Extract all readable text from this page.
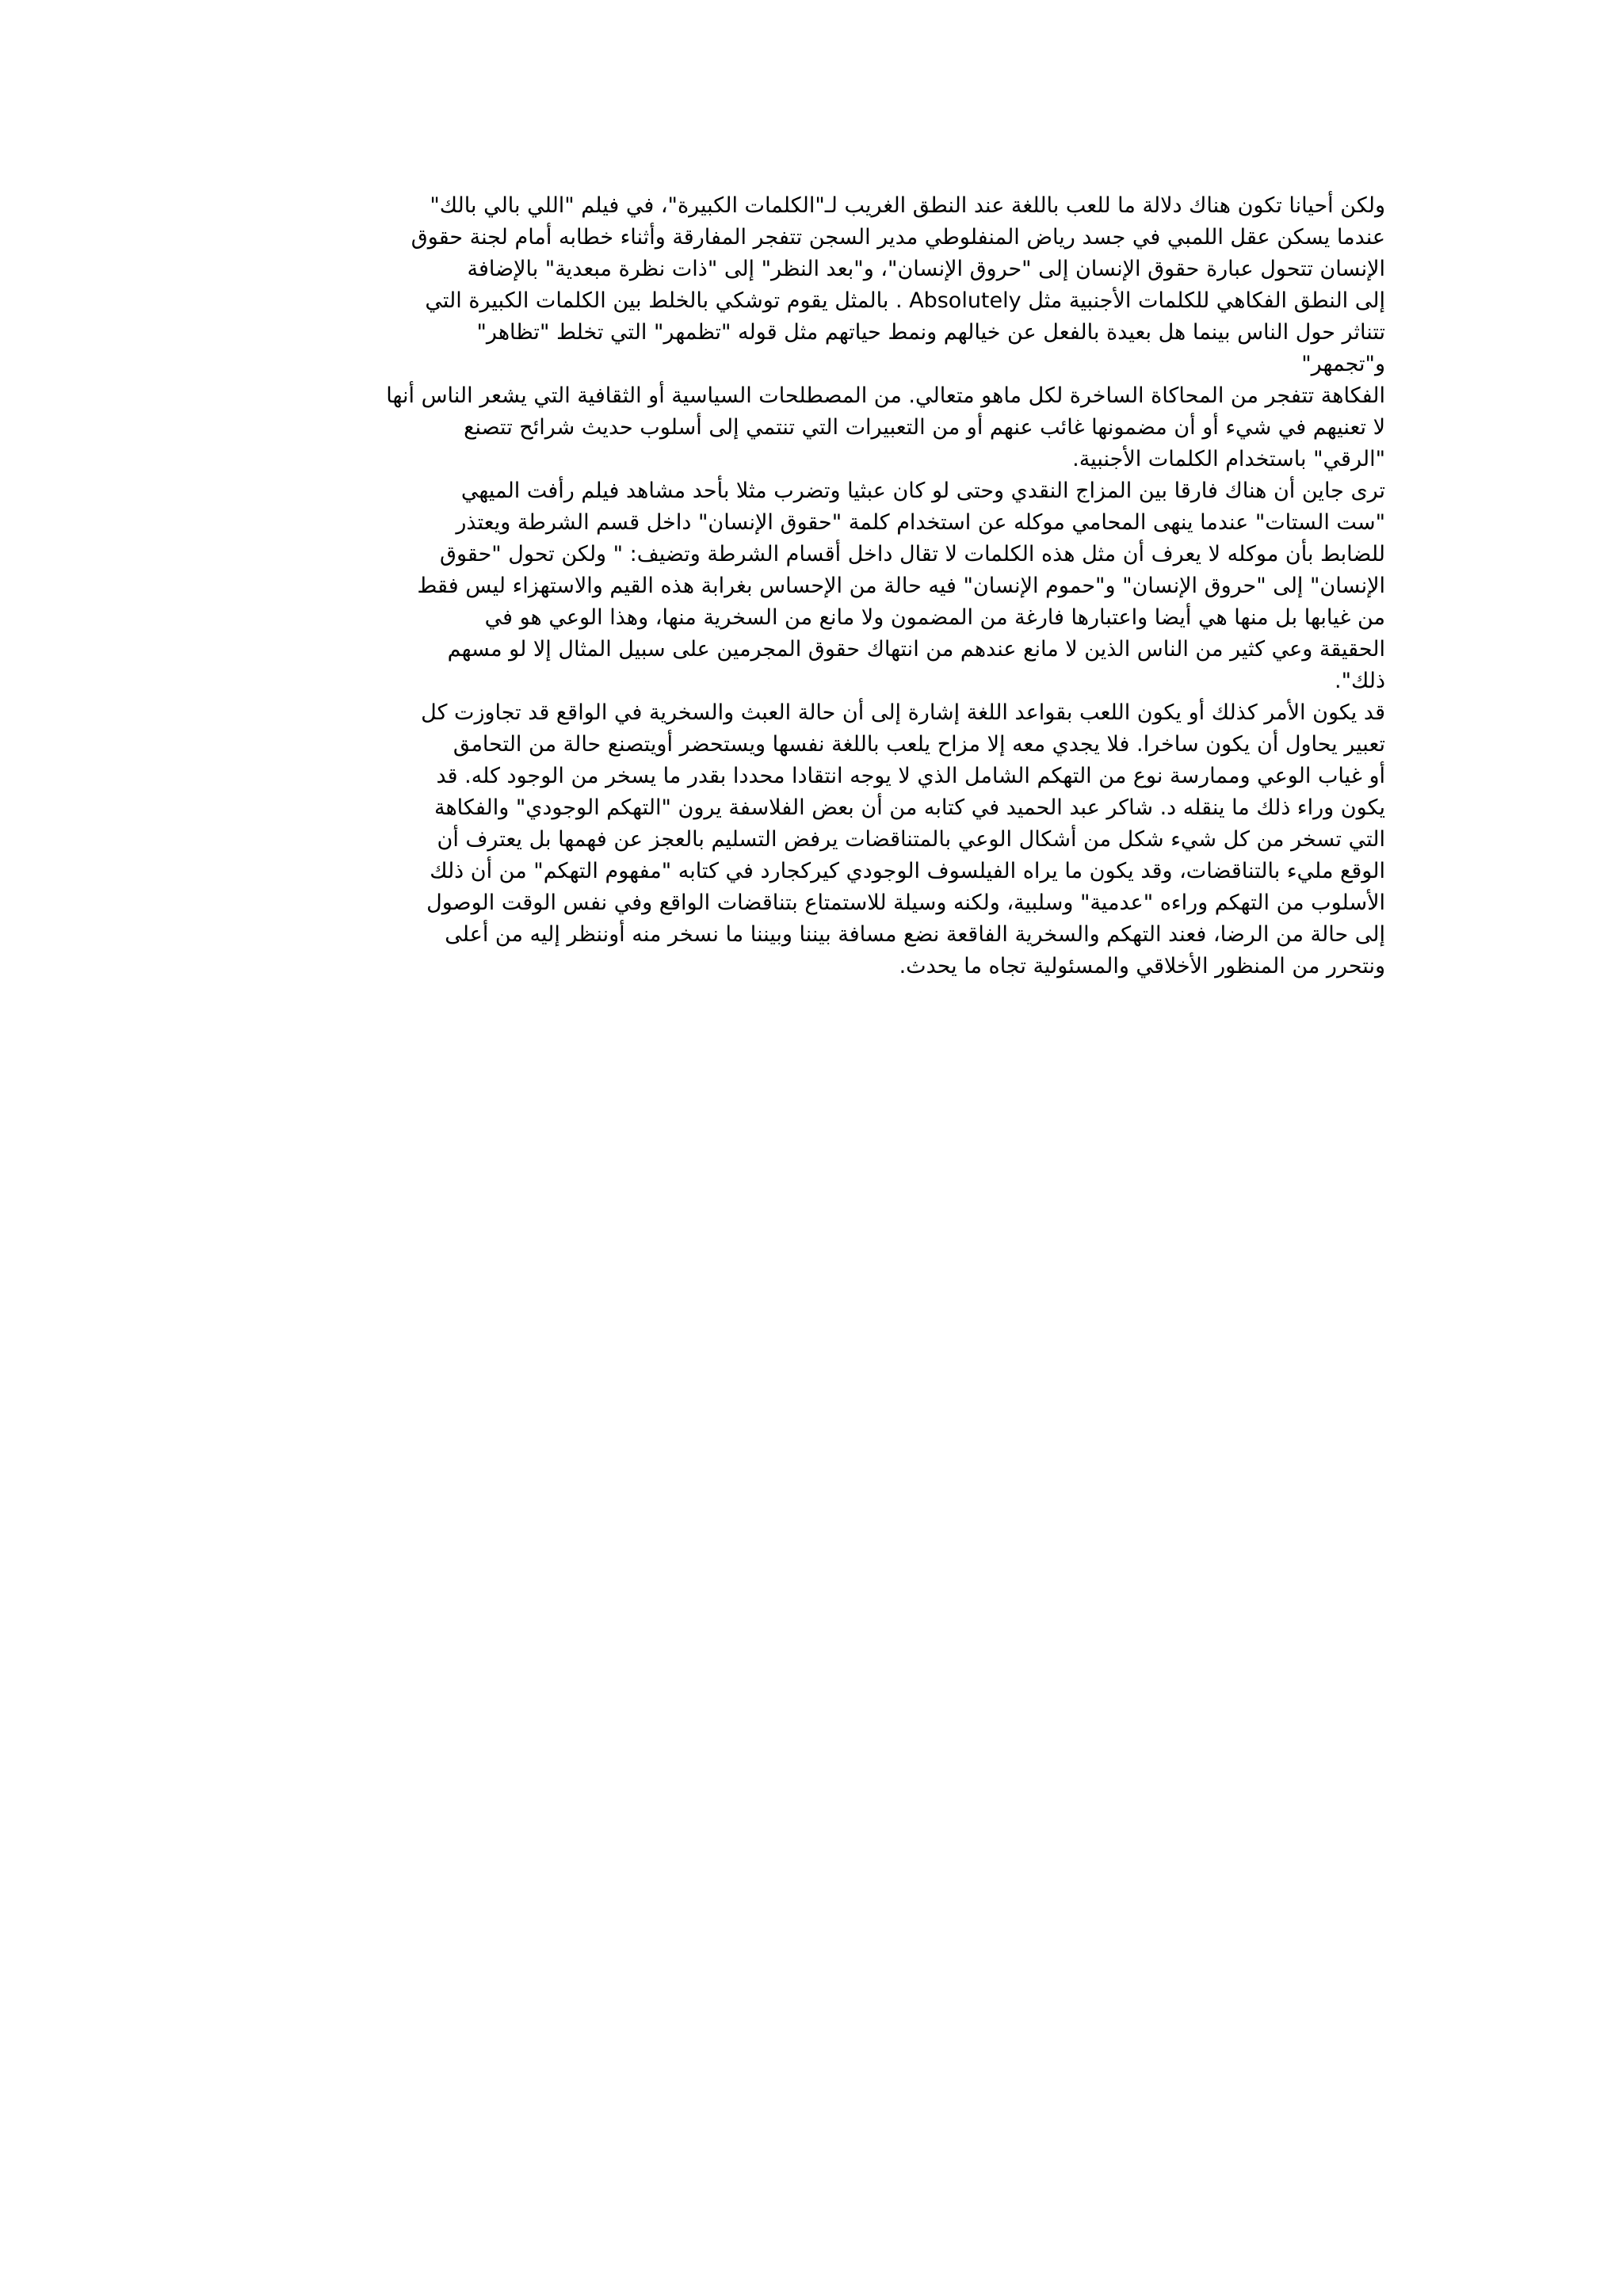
ولكن أحيانا تكون هناك دلالة ما للعب باللغة عند النطق الغريب لـ"الكلمات الكبيرة"، في فيلم "اللي بالي بالك"
عندما يسكن عقل اللمبي في جسد رياض المنفلوطي مدير السجن تتفجر المفارقة وأثناء خطابه أمام لجنة حقوق
الإنسان تتحول عبارة حقوق الإنسان إلى "حروق الإنسان"، و"بعد النظر" إلى "ذات نظرة مبعدية" بالإضافة
إلى النطق الفكاهي للكلمات الأجنبية مثل Absolutely . بالمثل يقوم توشكي بالخلط بين الكلمات الكبيرة التي
تتناثر حول الناس بينما هل بعيدة بالفعل عن خيالهم ونمط حياتهم مثل قوله "تظمهر" التي تخلط "تظاهر"
و"تجمهر"

الفكاهة تتفجر من المحاكاة الساخرة لكل ماهو متعالي. من المصطلحات السياسية أو الثقافية التي يشعر الناس أنها
لا تعنيهم في شيء أو أن مضمونها غائب عنهم أو من التعبيرات التي تنتمي إلى أسلوب حديث شرائح تتصنع
"الرقي" باستخدام الكلمات الأجنبية.

ترى جاين أن هناك فارقا بين المزاج النقدي وحتى لو كان عبثيا وتضرب مثلا بأحد مشاهد فيلم رأفت الميهي
"ست الستات" عندما ينهى المحامي موكله عن استخدام كلمة "حقوق الإنسان" داخل قسم الشرطة ويعتذر
للضابط بأن موكله لا يعرف أن مثل هذه الكلمات لا تقال داخل أقسام الشرطة وتضيف: " ولكن تحول "حقوق
الإنسان" إلى "حروق الإنسان" و"حموم الإنسان" فيه حالة من الإحساس بغرابة هذه القيم والاستهزاء ليس فقط
من غيابها بل منها هي أيضا واعتبارها فارغة من المضمون ولا مانع من السخرية منها، وهذا الوعي هو في
الحقيقة وعي كثير من الناس الذين لا مانع عندهم من انتهاك حقوق المجرمين على سبيل المثال إلا لو مسهم
ذلك".

قد يكون الأمر كذلك أو يكون اللعب بقواعد اللغة إشارة إلى أن حالة العبث والسخرية في الواقع قد تجاوزت كل
تعبير يحاول أن يكون ساخرا. فلا يجدي معه إلا مزاح يلعب باللغة نفسها ويستحضر أويتصنع حالة من التحامق
أو غياب الوعي وممارسة نوع من التهكم الشامل الذي لا يوجه انتقادا محددا بقدر ما يسخر من الوجود كله. قد
يكون وراء ذلك ما ينقله د. شاكر عبد الحميد في كتابه من أن بعض الفلاسفة يرون "التهكم الوجودي" والفكاهة
التي تسخر من كل شيء شكل من أشكال الوعي بالمتناقضات يرفض التسليم بالعجز عن فهمها بل يعترف أن
الوقع مليء بالتناقضات، وقد يكون ما يراه الفيلسوف الوجودي كيركجارد في كتابه "مفهوم التهكم" من أن ذلك
الأسلوب من التهكم وراءه "عدمية" وسلبية، ولكنه وسيلة للاستمتاع بتناقضات الواقع وفي نفس الوقت الوصول
إلى حالة من الرضا، فعند التهكم والسخرية الفاقعة نضع مسافة بيننا وبيننا ما نسخر منه أوننظر إليه من أعلى
ونتحرر من المنظور الأخلاقي والمسئولية تجاه ما يحدث.
